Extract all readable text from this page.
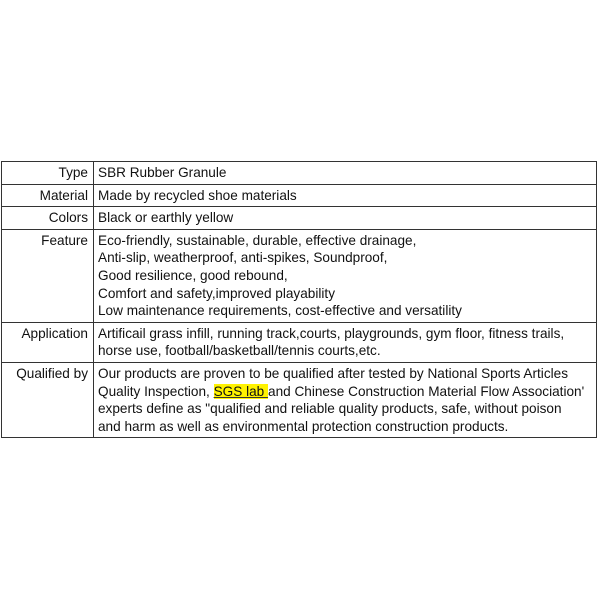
Type	SBR Rubber Granule

Material	Made by recycled shoe materials

Colors	Black or earthly yellow

Feature	Eco-friendly, sustainable, durable, effective drainage,
Anti-slip, weatherproof, anti-spikes, Soundproof,
Good resilience, good rebound,
Comfort and safety,improved playability
Low maintenance requirements, cost-effective and versatility

Application	Artificail grass infill, running track,courts, playgrounds, gym floor, fitness trails,
horse use, football/basketball/tennis courts,etc.

Qualified by	Our products are proven to be qualified after tested by National Sports Articles
Quality Inspection, SGS lab and Chinese Construction Material Flow Association'
experts define as "qualified and reliable quality products, safe, without poison
and harm as well as environmental protection construction products.
